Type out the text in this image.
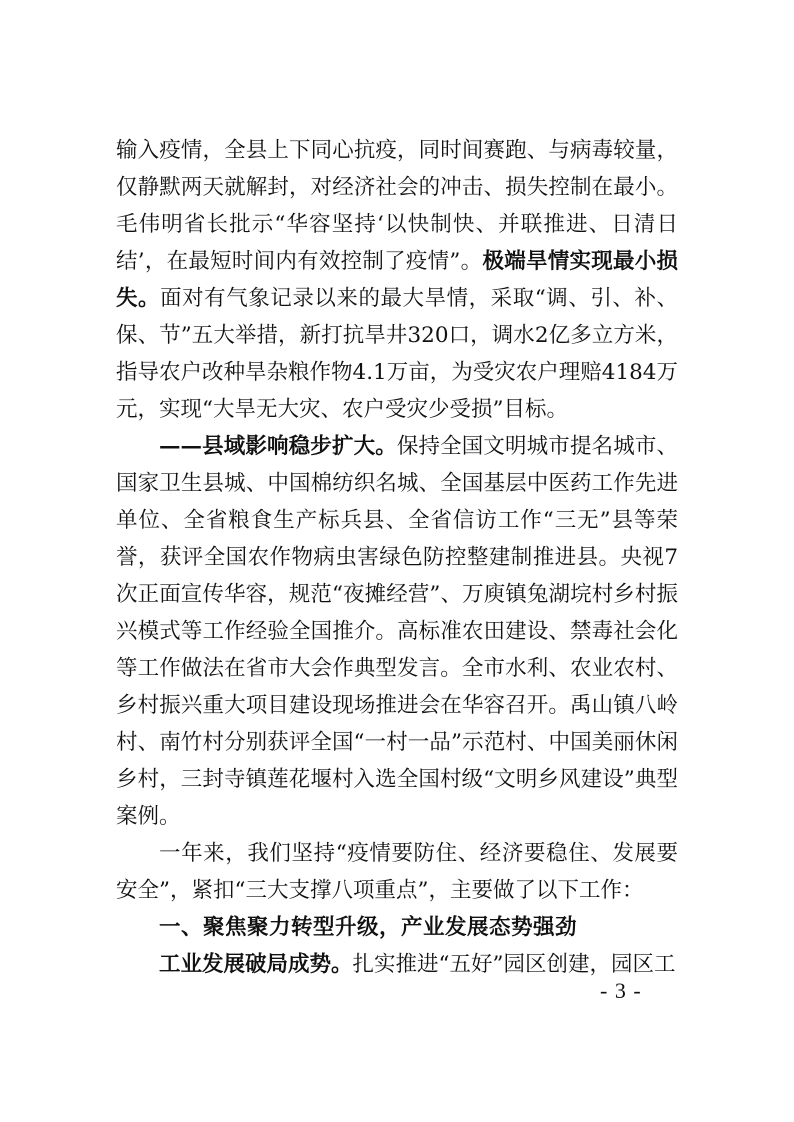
输入疫情，全县上下同心抗疫，同时间赛跑、与病毒较量，仅静默两天就解封，对经济社会的冲击、损失控制在最小。毛伟明省长批示“华容坚持‘以快制快、并联推进、日清日结’，在最短时间内有效控制了疫情”。极端旱情实现最小损失。面对有气象记录以来的最大旱情，采取“调、引、补、保、节”五大举措，新打抗旱井320口，调水2亿多立方米，指导农户改种旱杂粮作物4.1万亩，为受灾农户理赔4184万元，实现“大旱无大灾、农户受灾少受损”目标。

——县域影响稳步扩大。保持全国文明城市提名城市、国家卫生县城、中国棉纺织名城、全国基层中医药工作先进单位、全省粮食生产标兵县、全省信访工作“三无”县等荣誉，获评全国农作物病虫害绿色防控整建制推进县。央视7次正面宣传华容，规范“夜摊经营”、万庾镇兔湖垸村乡村振兴模式等工作经验全国推介。高标准农田建设、禁毒社会化等工作做法在省市大会作典型发言。全市水利、农业农村、乡村振兴重大项目建设现场推进会在华容召开。禹山镇八岭村、南竹村分别获评全国“一村一品”示范村、中国美丽休闲乡村，三封寺镇莲花堰村入选全国村级“文明乡风建设”典型案例。

一年来，我们坚持“疫情要防住、经济要稳住、发展要安全”，紧扣“三大支撑八项重点”，主要做了以下工作：

一、聚焦聚力转型升级，产业发展态势强劲

工业发展破局成势。扎实推进“五好”园区创建，园区工

- 3 -
